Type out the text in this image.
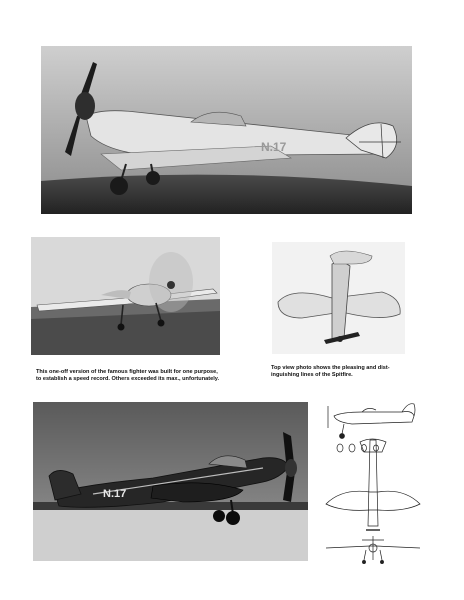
N.17
This one-off version of the famous fighter was built for one purpose,
to establish a speed record. Others exceeded its max., unfortunately.
Top view photo shows the pleasing and dist-
inguishing lines of the Spitfire.
N.17
